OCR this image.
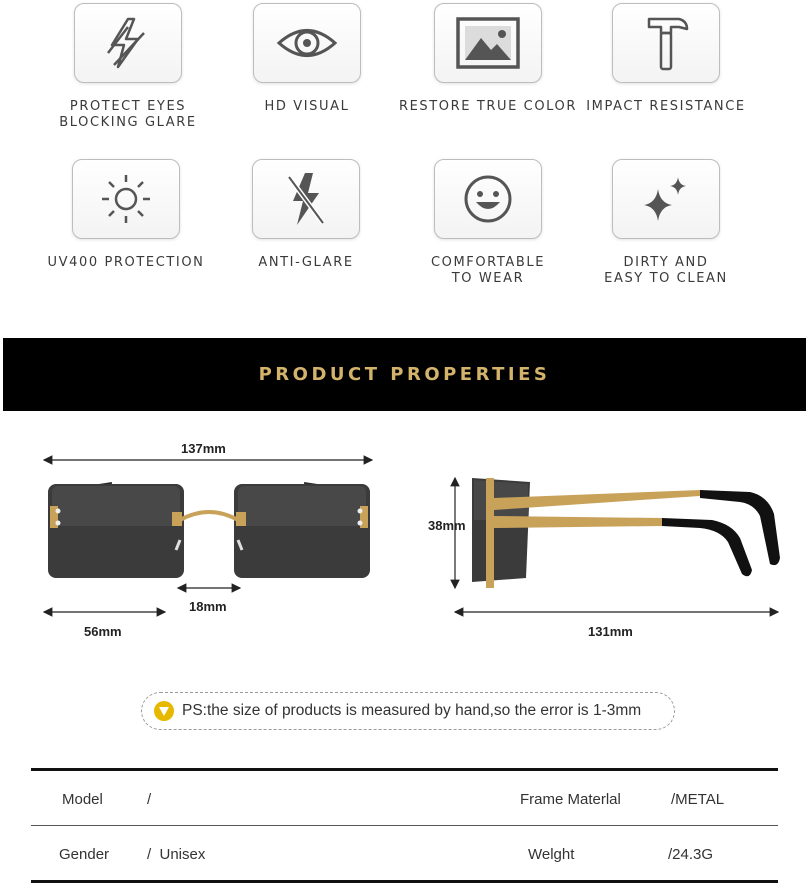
PROTECT EYES
BLOCKING GLARE
HD VISUAL	RESTORE TRUE COLOR IMPACT RESISTANCE
UV400 PROTECTION	ANTI-GLARE	COMFORTABLE
TO WEAR
DIRTY AND
EASY TO CLEAN
PRODUCT PROPERTIES
137mm
56mm
18mm
38mm
131mm
PS:the size of products is measured by hand,so the error is 1-3mm
Model	/	Frame Materlal	/METAL
Gender	/  Unisex	Welght	/24.3G
